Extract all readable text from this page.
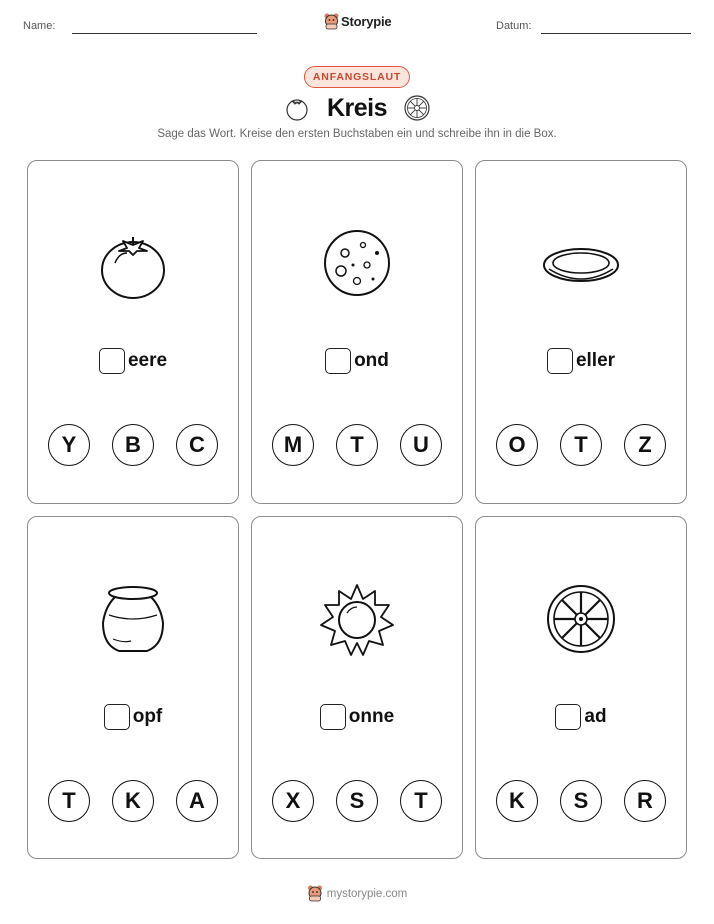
Name:	Storypie	Datum:
ANFANGSLAUT
Kreis
Sage das Wort. Kreise den ersten Buchstaben ein und schreibe ihn in die Box.
eere
Y	B	C
ond
M	T	U
eller
O	T	Z
opf
T	K	A
onne
X	S	T
ad
K	S	R
mystorypie.com
